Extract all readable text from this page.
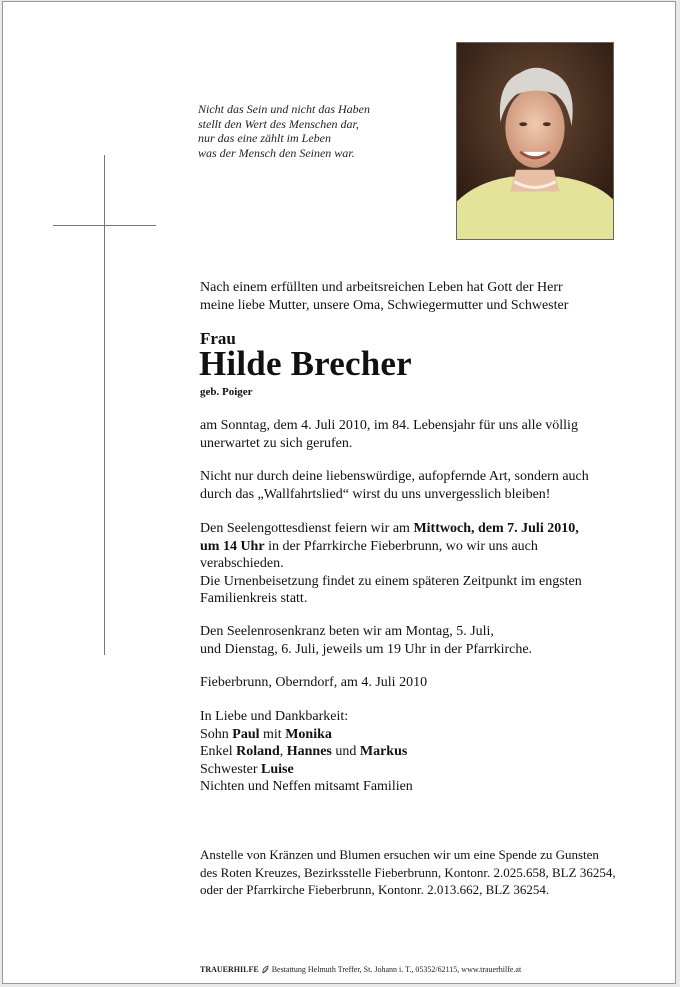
Nicht das Sein und nicht das Haben
stellt den Wert des Menschen dar,
nur das eine zählt im Leben
was der Mensch den Seinen war.
Nach einem erfüllten und arbeitsreichen Leben hat Gott der Herr
meine liebe Mutter, unsere Oma, Schwiegermutter und Schwester
Frau
Hilde Brecher
geb. Poiger
am Sonntag, dem 4. Juli 2010, im 84. Lebensjahr für uns alle völlig
unerwartet zu sich gerufen.
Nicht nur durch deine liebenswürdige, aufopfernde Art, sondern auch
durch das „Wallfahrtslied“ wirst du uns unvergesslich bleiben!
Den Seelengottesdienst feiern wir am Mittwoch, dem 7. Juli 2010,
um 14 Uhr in der Pfarrkirche Fieberbrunn, wo wir uns auch
verabschieden.
Die Urnenbeisetzung findet zu einem späteren Zeitpunkt im engsten
Familienkreis statt.
Den Seelenrosenkranz beten wir am Montag, 5. Juli,
und Dienstag, 6. Juli, jeweils um 19 Uhr in der Pfarrkirche.
Fieberbrunn, Oberndorf, am 4. Juli 2010
In Liebe und Dankbarkeit:
Sohn Paul mit Monika
Enkel Roland, Hannes und Markus
Schwester Luise
Nichten und Neffen mitsamt Familien
Anstelle von Kränzen und Blumen ersuchen wir um eine Spende zu Gunsten
des Roten Kreuzes, Bezirksstelle Fieberbrunn, Kontonr. 2.025.658, BLZ 36254,
oder der Pfarrkirche Fieberbrunn, Kontonr. 2.013.662, BLZ 36254.
TRAUERHILFE Bestattung Helmuth Treffer, St. Johann i. T., 05352/62115, www.trauerhilfe.at
